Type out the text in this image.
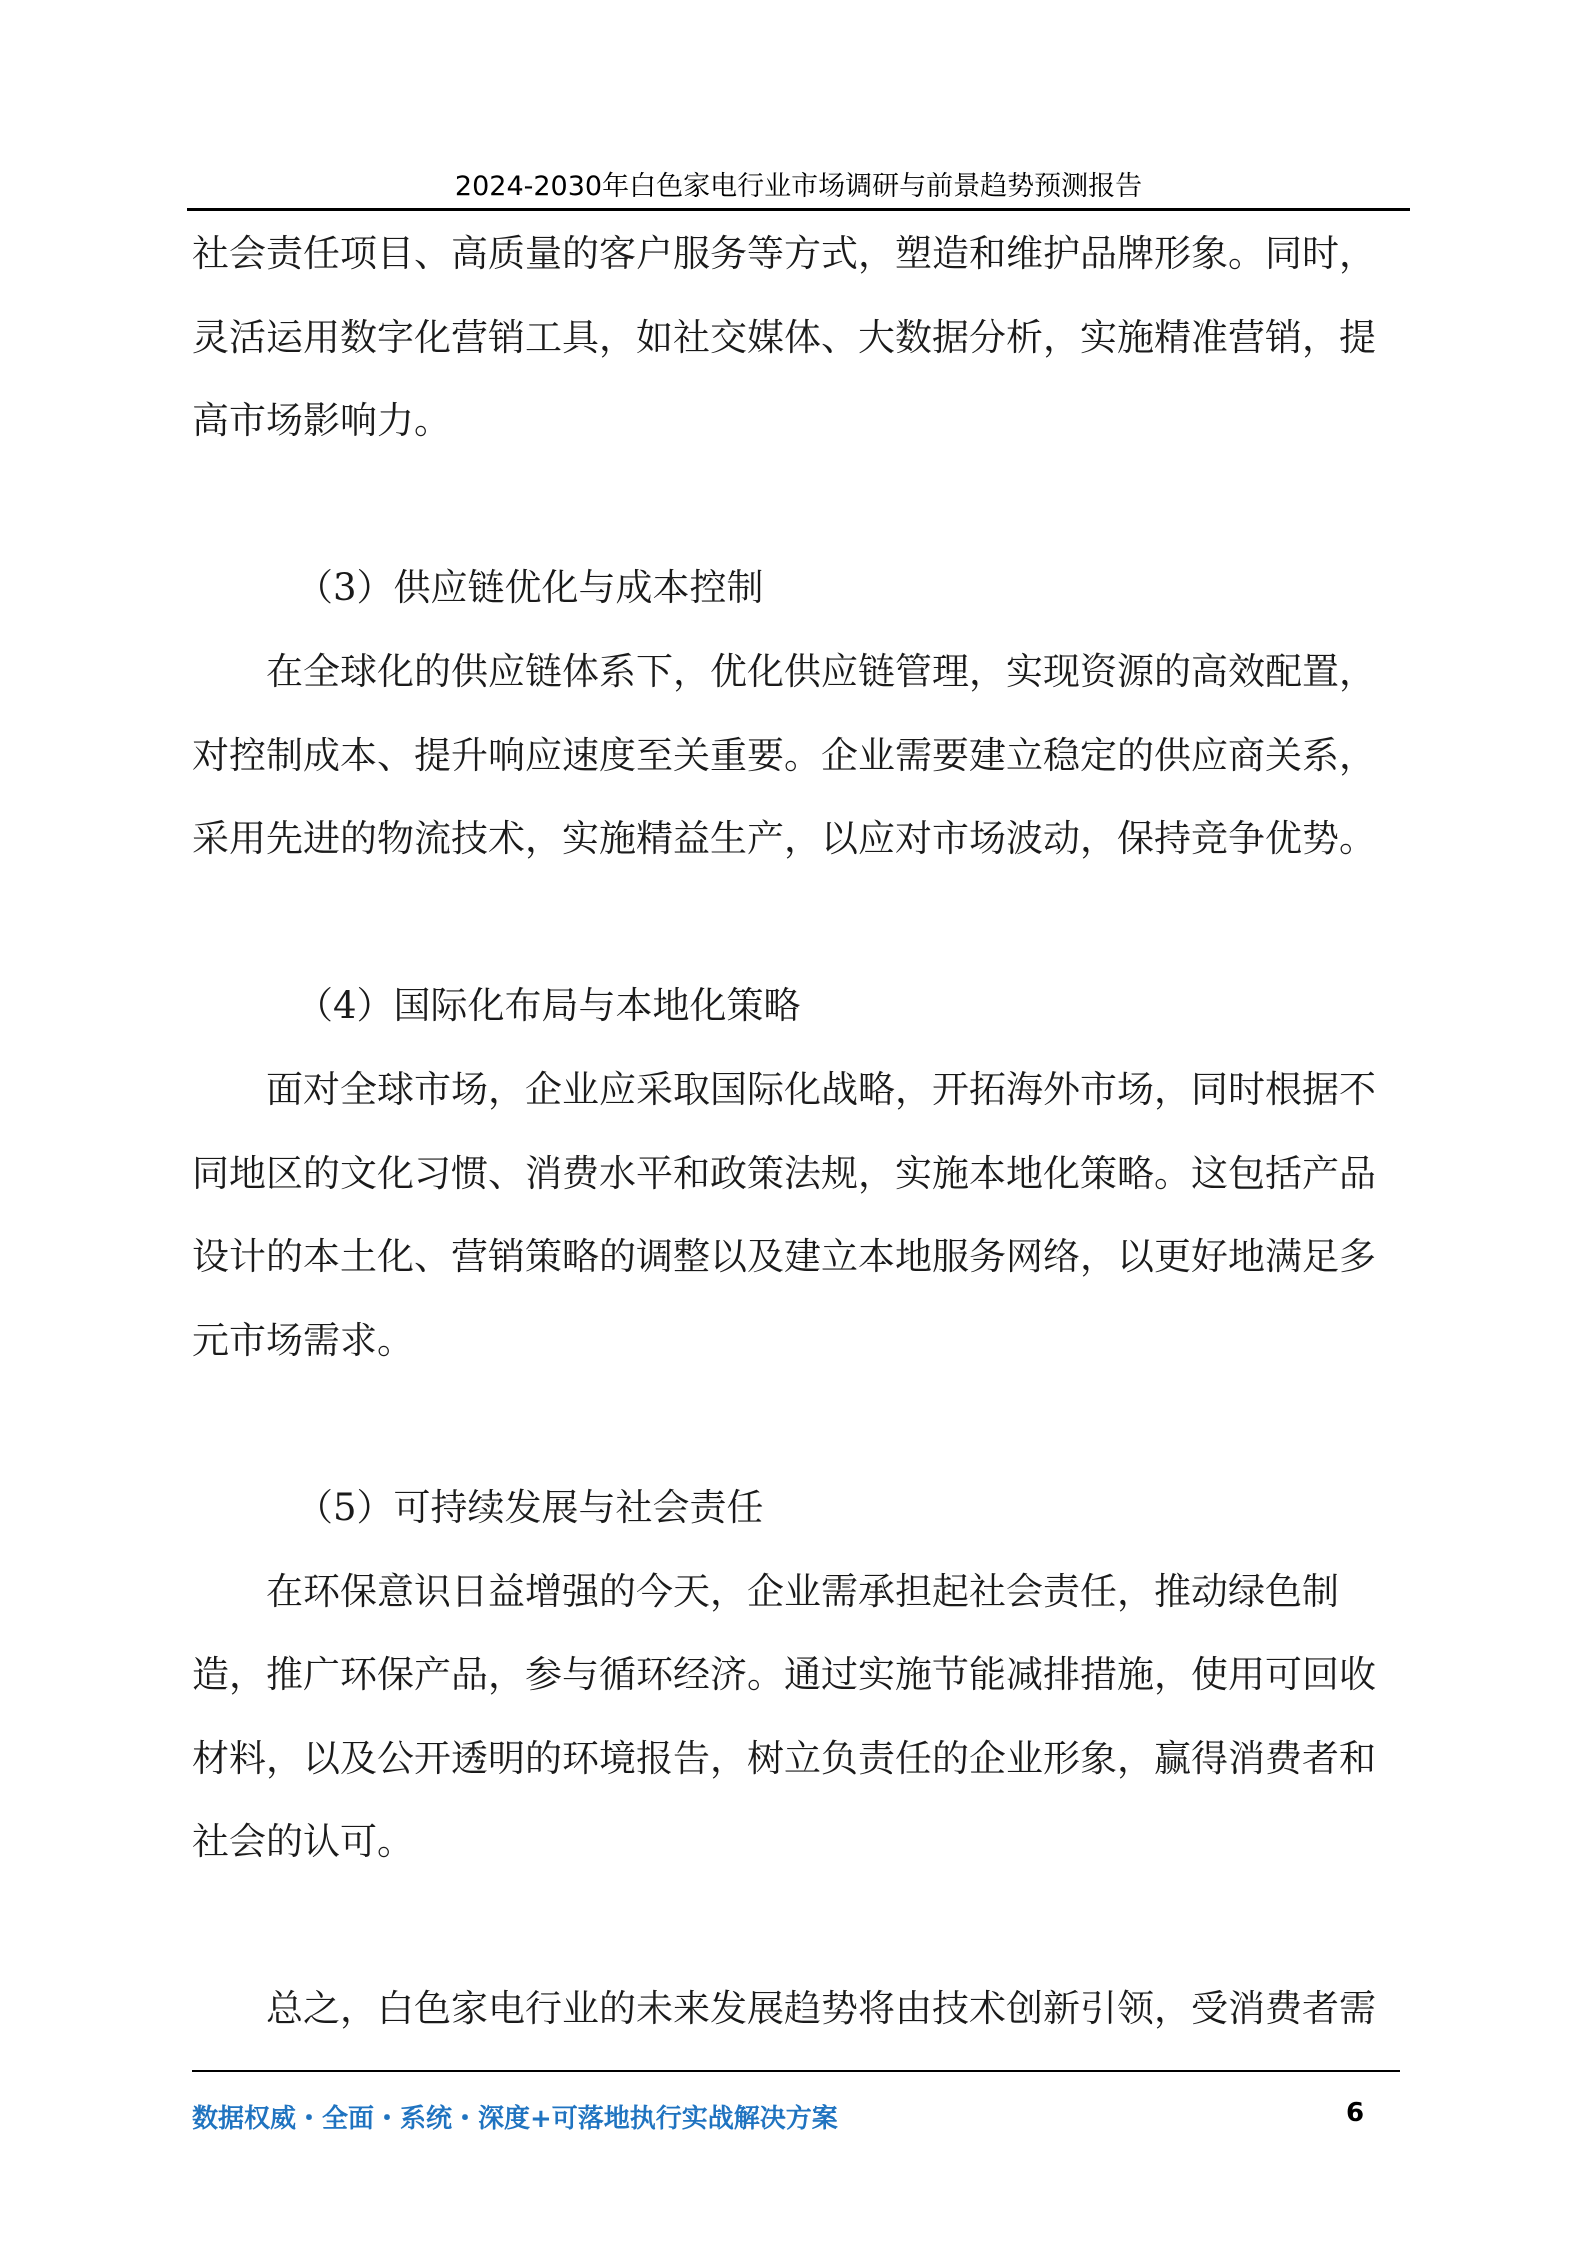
2024-2030年白色家电行业市场调研与前景趋势预测报告
社会责任项目、高质量的客户服务等方式，塑造和维护品牌形象。同时，
灵活运用数字化营销工具，如社交媒体、大数据分析，实施精准营销，提
高市场影响力。
（3）供应链优化与成本控制
在全球化的供应链体系下，优化供应链管理，实现资源的高效配置，
对控制成本、提升响应速度至关重要。企业需要建立稳定的供应商关系，
采用先进的物流技术，实施精益生产，以应对市场波动，保持竞争优势。
（4）国际化布局与本地化策略
面对全球市场，企业应采取国际化战略，开拓海外市场，同时根据不
同地区的文化习惯、消费水平和政策法规，实施本地化策略。这包括产品
设计的本土化、营销策略的调整以及建立本地服务网络，以更好地满足多
元市场需求。
（5）可持续发展与社会责任
在环保意识日益增强的今天，企业需承担起社会责任，推动绿色制
造，推广环保产品，参与循环经济。通过实施节能减排措施，使用可回收
材料，以及公开透明的环境报告，树立负责任的企业形象，赢得消费者和
社会的认可。
总之，白色家电行业的未来发展趋势将由技术创新引领，受消费者需
数据权威・全面・系统・深度+可落地执行实战解决方案	6
